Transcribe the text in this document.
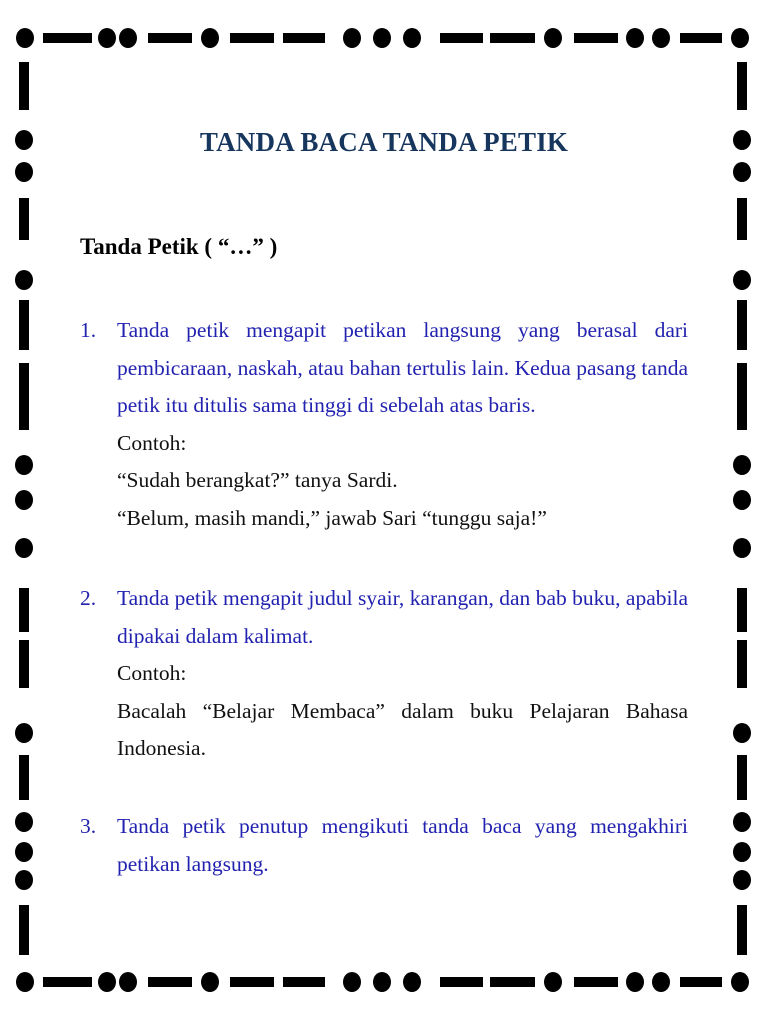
TANDA BACA TANDA PETIK
Tanda Petik ( “…” )
1. Tanda petik mengapit petikan langsung yang berasal dari pembicaraan, naskah, atau bahan tertulis lain. Kedua pasang tanda petik itu ditulis sama tinggi di sebelah atas baris.
Contoh:
“Sudah berangkat?” tanya Sardi.
“Belum, masih mandi,” jawab Sari “tunggu saja!”
2. Tanda petik mengapit judul syair, karangan, dan bab buku, apabila dipakai dalam kalimat.
Contoh:
Bacalah “Belajar Membaca” dalam buku Pelajaran Bahasa Indonesia.
3. Tanda petik penutup mengikuti tanda baca yang mengakhiri petikan langsung.
